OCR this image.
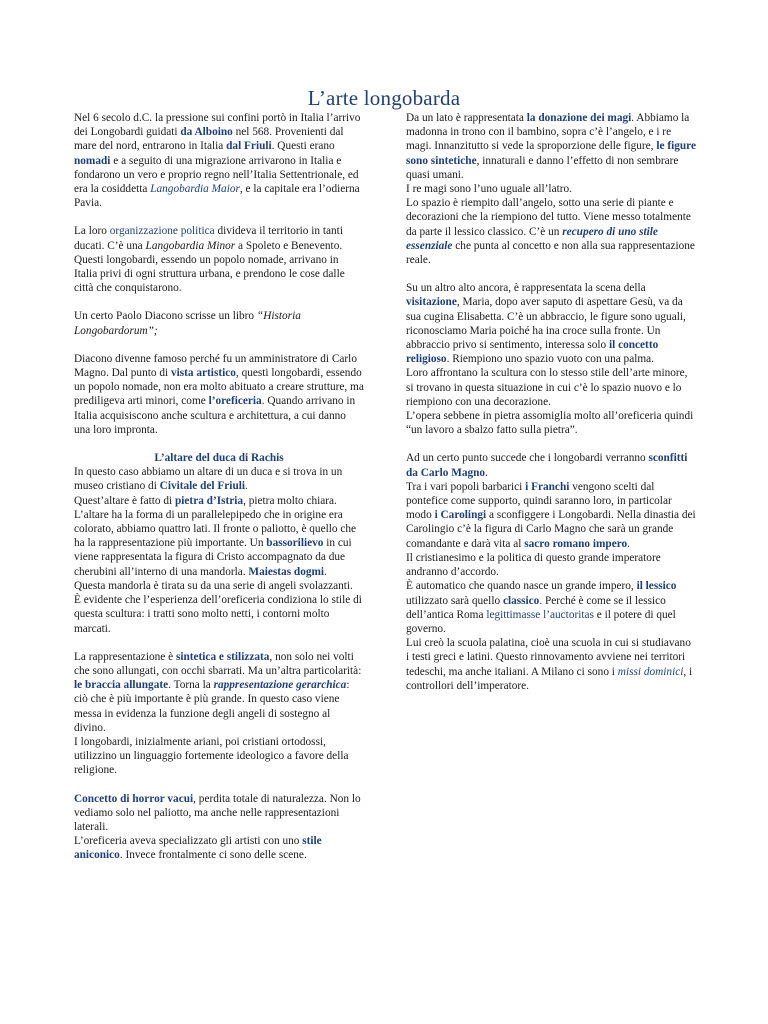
L’arte longobarda

Nel 6 secolo d.C. la pressione sui confini portò in Italia l’arrivo dei Longobardi guidati da Alboino nel 568. Provenienti dal mare del nord, entrarono in Italia dal Friuli. Questi erano nomadi e a seguito di una migrazione arrivarono in Italia e fondarono un vero e proprio regno nell’Italia Settentrionale, ed era la cosiddetta Langobardia Maior, e la capitale era l’odierna Pavia.

La loro organizzazione politica divideva il territorio in tanti ducati. C’è una Langobardia Minor a Spoleto e Benevento. Questi longobardi, essendo un popolo nomade, arrivano in Italia privi di ogni struttura urbana, e prendono le cose dalle città che conquistarono.

Un certo Paolo Diacono scrisse un libro “Historia Longobardorum”;

Diacono divenne famoso perché fu un amministratore di Carlo Magno. Dal punto di vista artistico, questi longobardi, essendo un popolo nomade, non era molto abituato a creare strutture, ma prediligeva arti minori, come l’oreficeria. Quando arrivano in Italia acquisiscono anche scultura e architettura, a cui danno una loro impronta.

L’altare del duca di Rachis

In questo caso abbiamo un altare di un duca e si trova in un museo cristiano di Civitale del Friuli.
Quest’altare è fatto di pietra d’Istria, pietra molto chiara. L’altare ha la forma di un parallelepipedo che in origine era colorato, abbiamo quattro lati. Il fronte o paliotto, è quello che ha la rappresentazione più importante. Un bassorilievo in cui viene rappresentata la figura di Cristo accompagnato da due cherubini all’interno di una mandorla. Maiestas dogmi.
Questa mandorla è tirata su da una serie di angeli svolazzanti.
È evidente che l’esperienza dell’oreficeria condiziona lo stile di questa scultura: i tratti sono molto netti, i contorni molto marcati.

La rappresentazione è sintetica e stilizzata, non solo nei volti che sono allungati, con occhi sbarrati. Ma un’altra particolarità: le braccia allungate. Torna la rappresentazione gerarchica: ciò che è più importante è più grande. In questo caso viene messa in evidenza la funzione degli angeli di sostegno al divino.
I longobardi, inizialmente ariani, poi cristiani ortodossi, utilizzino un linguaggio fortemente ideologico a favore della religione.

Concetto di horror vacui, perdita totale di naturalezza. Non lo vediamo solo nel paliotto, ma anche nelle rappresentazioni laterali.
L’oreficeria aveva specializzato gli artisti con uno stile aniconico. Invece frontalmente ci sono delle scene.

Da un lato è rappresentata la donazione dei magi. Abbiamo la madonna in trono con il bambino, sopra c’è l’angelo, e i re magi. Innanzitutto si vede la sproporzione delle figure, le figure sono sintetiche, innaturali e danno l’effetto di non sembrare quasi umani.
I re magi sono l’uno uguale all’latro.
Lo spazio è riempito dall’angelo, sotto una serie di piante e decorazioni che la riempiono del tutto. Viene messo totalmente da parte il lessico classico. C’è un recupero di uno stile essenziale che punta al concetto e non alla sua rappresentazione reale.

Su un altro alto ancora, è rappresentata la scena della visitazione, Maria, dopo aver saputo di aspettare Gesù, va da sua cugina Elisabetta. C’è un abbraccio, le figure sono uguali, riconosciamo Maria poiché ha ina croce sulla fronte. Un abbraccio privo si sentimento, interessa solo il concetto religioso. Riempiono uno spazio vuoto con una palma.
Loro affrontano la scultura con lo stesso stile dell’arte minore, si trovano in questa situazione in cui c’è lo spazio nuovo e lo riempiono con una decorazione.
L’opera sebbene in pietra assomiglia molto all’oreficeria quindi “un lavoro a sbalzo fatto sulla pietra”.

Ad un certo punto succede che i longobardi verranno sconfitti da Carlo Magno.
Tra i vari popoli barbarici i Franchi vengono scelti dal pontefice come supporto, quindi saranno loro, in particolar modo i Carolingi a sconfiggere i Longobardi. Nella dinastia dei Carolingio c’è la figura di Carlo Magno che sarà un grande comandante e darà vita al sacro romano impero.
Il cristianesimo e la politica di questo grande imperatore andranno d’accordo.
È automatico che quando nasce un grande impero, il lessico utilizzato sarà quello classico. Perché è come se il lessico dell’antica Roma legittimasse l’auctoritas e il potere di quel governo.
Lui creò la scuola palatina, cioè una scuola in cui si studiavano i testi greci e latini. Questo rinnovamento avviene nei territori tedeschi, ma anche italiani. A Milano ci sono i missi dominici, i controllori dell’imperatore.
